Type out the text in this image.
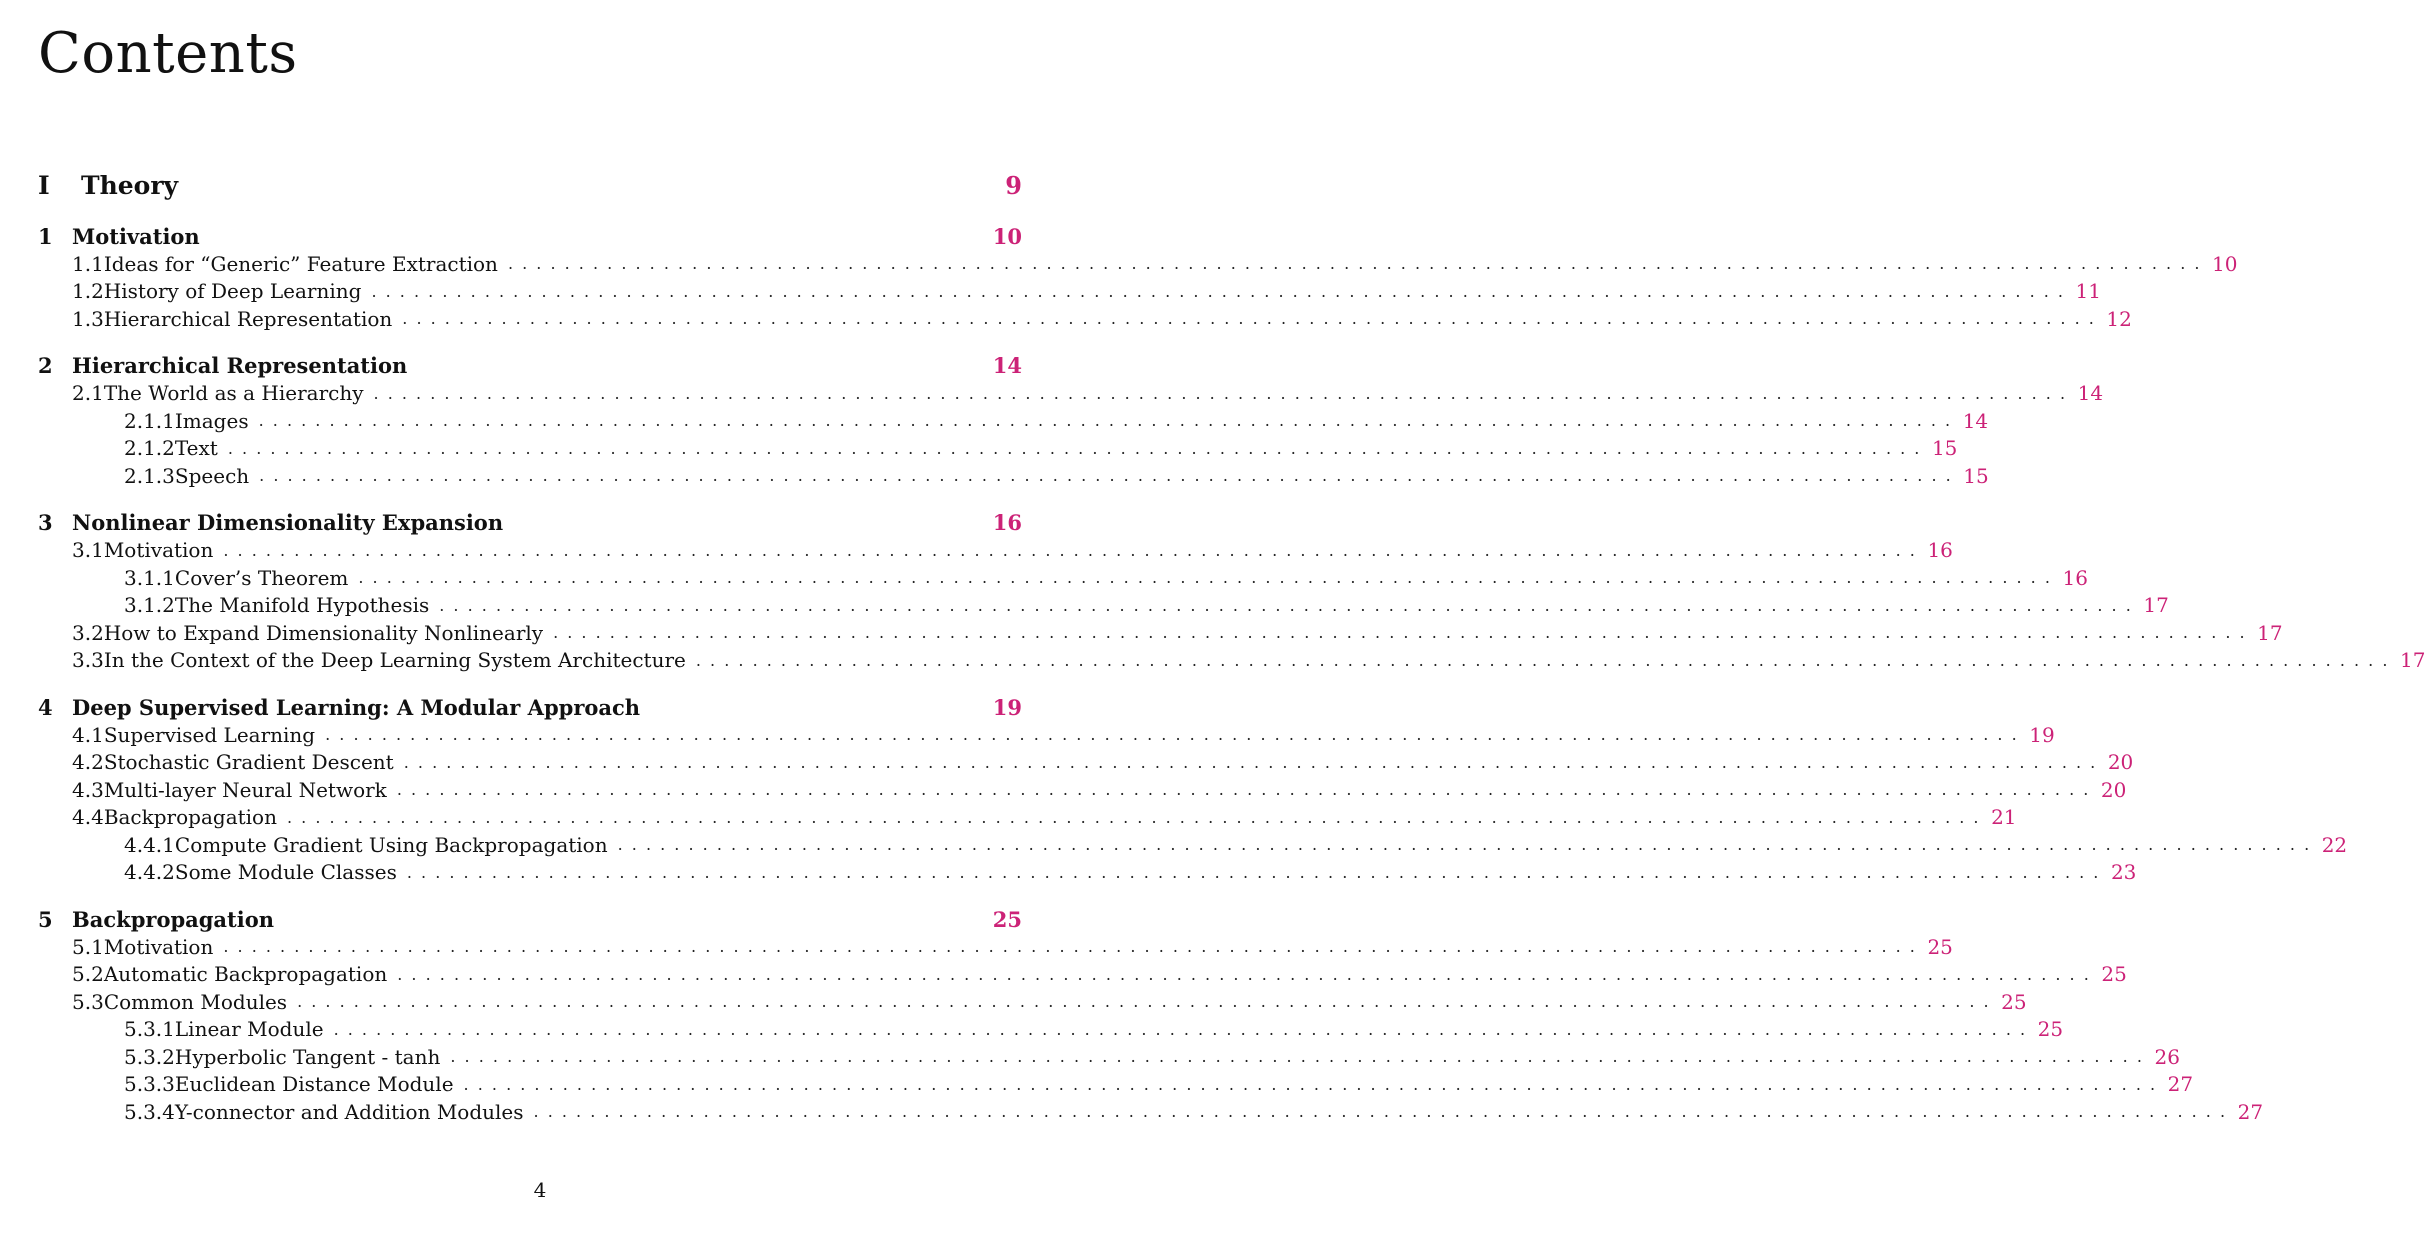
Contents
I	Theory	9
1 Motivation	10
1.1 Ideas for “Generic” Feature Extraction . . . . . . . . . . . . . . . . . . . . . . . . . . . . . . . . . . . . . . . . . . . . . . . . . . . . . . . . . . . . . . . . . . . . . . . . . . . . . . . . . . . . . . . . . . . . . . . . . . . . . . . . . . . . . . . . . . . . . . . . 10
1.2 History of Deep Learning . . . . . . . . . . . . . . . . . . . . . . . . . . . . . . . . . . . . . . . . . . . . . . . . . . . . . . . . . . . . . . . . . . . . . . . . . . . . . . . . . . . . . . . . . . . . . . . . . . . . . . . . . . . . . . . . . . . . . . . . 11
1.3 Hierarchical Representation . . . . . . . . . . . . . . . . . . . . . . . . . . . . . . . . . . . . . . . . . . . . . . . . . . . . . . . . . . . . . . . . . . . . . . . . . . . . . . . . . . . . . . . . . . . . . . . . . . . . . . . . . . . . . . . . . . . . . . . . 12
2 Hierarchical Representation	14
2.1 The World as a Hierarchy . . . . . . . . . . . . . . . . . . . . . . . . . . . . . . . . . . . . . . . . . . . . . . . . . . . . . . . . . . . . . . . . . . . . . . . . . . . . . . . . . . . . . . . . . . . . . . . . . . . . . . . . . . . . . . . . . . . . . . . . 14
2.1.1 Images . . . . . . . . . . . . . . . . . . . . . . . . . . . . . . . . . . . . . . . . . . . . . . . . . . . . . . . . . . . . . . . . . . . . . . . . . . . . . . . . . . . . . . . . . . . . . . . . . . . . . . . . . . . . . . . . . . . . . . . . 14
2.1.2 Text . . . . . . . . . . . . . . . . . . . . . . . . . . . . . . . . . . . . . . . . . . . . . . . . . . . . . . . . . . . . . . . . . . . . . . . . . . . . . . . . . . . . . . . . . . . . . . . . . . . . . . . . . . . . . . . . . . . . . . . . 15
2.1.3 Speech . . . . . . . . . . . . . . . . . . . . . . . . . . . . . . . . . . . . . . . . . . . . . . . . . . . . . . . . . . . . . . . . . . . . . . . . . . . . . . . . . . . . . . . . . . . . . . . . . . . . . . . . . . . . . . . . . . . . . . . . 15
3 Nonlinear Dimensionality Expansion	16
3.1 Motivation . . . . . . . . . . . . . . . . . . . . . . . . . . . . . . . . . . . . . . . . . . . . . . . . . . . . . . . . . . . . . . . . . . . . . . . . . . . . . . . . . . . . . . . . . . . . . . . . . . . . . . . . . . . . . . . . . . . . . . . . 16
3.1.1 Cover’s Theorem . . . . . . . . . . . . . . . . . . . . . . . . . . . . . . . . . . . . . . . . . . . . . . . . . . . . . . . . . . . . . . . . . . . . . . . . . . . . . . . . . . . . . . . . . . . . . . . . . . . . . . . . . . . . . . . . . . . . . . . . 16
3.1.2 The Manifold Hypothesis . . . . . . . . . . . . . . . . . . . . . . . . . . . . . . . . . . . . . . . . . . . . . . . . . . . . . . . . . . . . . . . . . . . . . . . . . . . . . . . . . . . . . . . . . . . . . . . . . . . . . . . . . . . . . . . . . . . . . . . . 17
3.2 How to Expand Dimensionality Nonlinearly . . . . . . . . . . . . . . . . . . . . . . . . . . . . . . . . . . . . . . . . . . . . . . . . . . . . . . . . . . . . . . . . . . . . . . . . . . . . . . . . . . . . . . . . . . . . . . . . . . . . . . . . . . . . . . . . . . . . . . . . 17
3.3 In the Context of the Deep Learning System Architecture . . . . . . . . . . . . . . . . . . . . . . . . . . . . . . . . . . . . . . . . . . . . . . . . . . . . . . . . . . . . . . . . . . . . . . . . . . . . . . . . . . . . . . . . . . . . . . . . . . . . . . . . . . . . . . . . . . . . . . . . 17
4 Deep Supervised Learning: A Modular Approach	19
4.1 Supervised Learning . . . . . . . . . . . . . . . . . . . . . . . . . . . . . . . . . . . . . . . . . . . . . . . . . . . . . . . . . . . . . . . . . . . . . . . . . . . . . . . . . . . . . . . . . . . . . . . . . . . . . . . . . . . . . . . . . . . . . . . . 19
4.2 Stochastic Gradient Descent . . . . . . . . . . . . . . . . . . . . . . . . . . . . . . . . . . . . . . . . . . . . . . . . . . . . . . . . . . . . . . . . . . . . . . . . . . . . . . . . . . . . . . . . . . . . . . . . . . . . . . . . . . . . . . . . . . . . . . . . 20
4.3 Multi-layer Neural Network . . . . . . . . . . . . . . . . . . . . . . . . . . . . . . . . . . . . . . . . . . . . . . . . . . . . . . . . . . . . . . . . . . . . . . . . . . . . . . . . . . . . . . . . . . . . . . . . . . . . . . . . . . . . . . . . . . . . . . . . 20
4.4 Backpropagation . . . . . . . . . . . . . . . . . . . . . . . . . . . . . . . . . . . . . . . . . . . . . . . . . . . . . . . . . . . . . . . . . . . . . . . . . . . . . . . . . . . . . . . . . . . . . . . . . . . . . . . . . . . . . . . . . . . . . . . . 21
4.4.1 Compute Gradient Using Backpropagation . . . . . . . . . . . . . . . . . . . . . . . . . . . . . . . . . . . . . . . . . . . . . . . . . . . . . . . . . . . . . . . . . . . . . . . . . . . . . . . . . . . . . . . . . . . . . . . . . . . . . . . . . . . . . . . . . . . . . . . . 22
4.4.2 Some Module Classes . . . . . . . . . . . . . . . . . . . . . . . . . . . . . . . . . . . . . . . . . . . . . . . . . . . . . . . . . . . . . . . . . . . . . . . . . . . . . . . . . . . . . . . . . . . . . . . . . . . . . . . . . . . . . . . . . . . . . . . . 23
5 Backpropagation	25
5.1 Motivation . . . . . . . . . . . . . . . . . . . . . . . . . . . . . . . . . . . . . . . . . . . . . . . . . . . . . . . . . . . . . . . . . . . . . . . . . . . . . . . . . . . . . . . . . . . . . . . . . . . . . . . . . . . . . . . . . . . . . . . . 25
5.2 Automatic Backpropagation . . . . . . . . . . . . . . . . . . . . . . . . . . . . . . . . . . . . . . . . . . . . . . . . . . . . . . . . . . . . . . . . . . . . . . . . . . . . . . . . . . . . . . . . . . . . . . . . . . . . . . . . . . . . . . . . . . . . . . . . 25
5.3 Common Modules . . . . . . . . . . . . . . . . . . . . . . . . . . . . . . . . . . . . . . . . . . . . . . . . . . . . . . . . . . . . . . . . . . . . . . . . . . . . . . . . . . . . . . . . . . . . . . . . . . . . . . . . . . . . . . . . . . . . . . . . 25
5.3.1 Linear Module . . . . . . . . . . . . . . . . . . . . . . . . . . . . . . . . . . . . . . . . . . . . . . . . . . . . . . . . . . . . . . . . . . . . . . . . . . . . . . . . . . . . . . . . . . . . . . . . . . . . . . . . . . . . . . . . . . . . . . . . 25
5.3.2 Hyperbolic Tangent - tanh . . . . . . . . . . . . . . . . . . . . . . . . . . . . . . . . . . . . . . . . . . . . . . . . . . . . . . . . . . . . . . . . . . . . . . . . . . . . . . . . . . . . . . . . . . . . . . . . . . . . . . . . . . . . . . . . . . . . . . . . 26
5.3.3 Euclidean Distance Module . . . . . . . . . . . . . . . . . . . . . . . . . . . . . . . . . . . . . . . . . . . . . . . . . . . . . . . . . . . . . . . . . . . . . . . . . . . . . . . . . . . . . . . . . . . . . . . . . . . . . . . . . . . . . . . . . . . . . . . . 27
5.3.4 Y-connector and Addition Modules . . . . . . . . . . . . . . . . . . . . . . . . . . . . . . . . . . . . . . . . . . . . . . . . . . . . . . . . . . . . . . . . . . . . . . . . . . . . . . . . . . . . . . . . . . . . . . . . . . . . . . . . . . . . . . . . . . . . . . . . 27
4
